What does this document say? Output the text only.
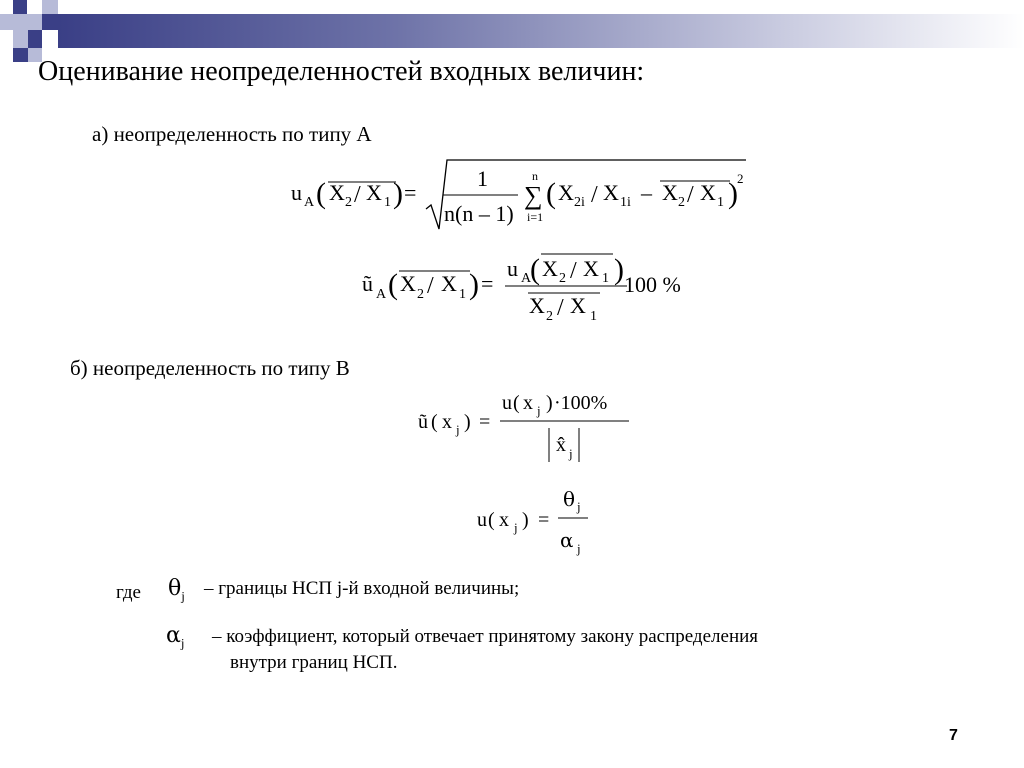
Оценивание неопределенностей входных величин:
а) неопределенность по типу А
u A ( X 2 / X 1 ) =
1
n(n – 1)
n
∑
i=1
( X 2i / X 1i – X 2 / X 1 ) 2
ũ A ( X 2 / X 1 ) =
u A
( X 2 / X 1 )
X 2 / X 1
100 %
ũ ( x j ) =
u ( x j ) ·100%
x̂ j
u ( x j ) =
θ j
α j
б) неопределенность по типу В
где $\theta_j$ – границы НСП j-й входной величины;
$\alpha_j$ – коэффициент, который отвечает принятому закону распределения
внутри границ НСП.
7
